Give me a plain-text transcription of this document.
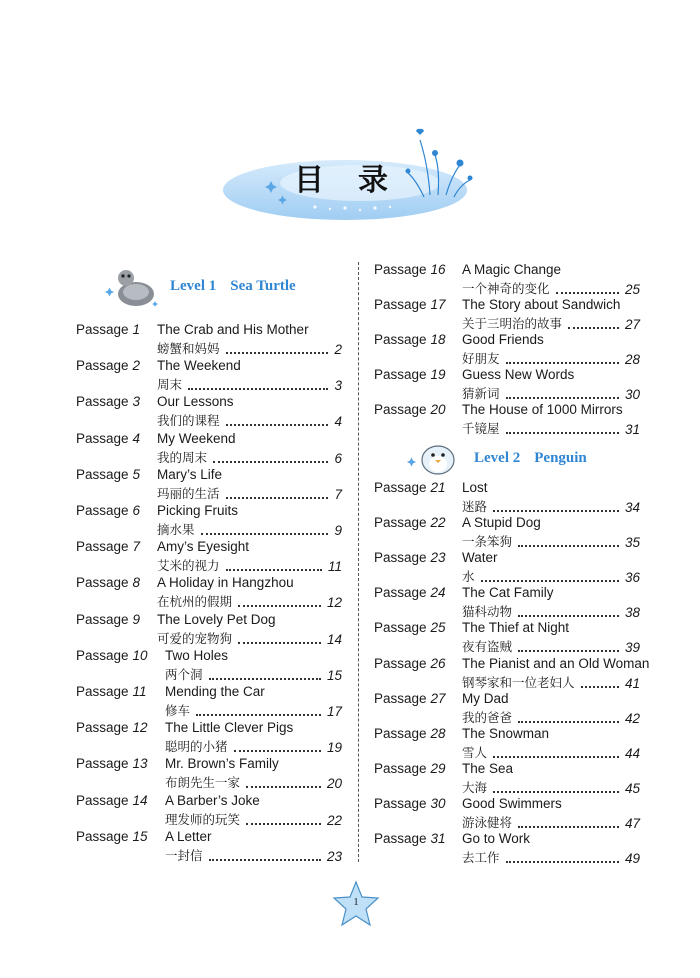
目 录
Level 1 Sea Turtle
Level 2 Penguin
Passage 1 The Crab and His Mother
螃蟹和妈妈	2
Passage 2 The Weekend
周末	3
Passage 3 Our Lessons
我们的课程	4
Passage 4 My Weekend
我的周末	6
Passage 5 Mary’s Life
玛丽的生活	7
Passage 6 Picking Fruits
摘水果	9
Passage 7 Amy’s Eyesight
艾米的视力	11
Passage 8 A Holiday in Hangzhou
在杭州的假期	12
Passage 9 The Lovely Pet Dog
可爱的宠物狗	14
Passage 10 Two Holes
两个洞	15
Passage 11 Mending the Car
修车	17
Passage 12 The Little Clever Pigs
聪明的小猪	19
Passage 13 Mr. Brown’s Family
布朗先生一家	20
Passage 14 A Barber’s Joke
理发师的玩笑	22
Passage 15 A Letter
一封信	23
Passage 16 A Magic Change
一个神奇的变化	25
Passage 17 The Story about Sandwich
关于三明治的故事	27
Passage 18 Good Friends
好朋友	28
Passage 19 Guess New Words
猜新词	30
Passage 20 The House of 1000 Mirrors
千镜屋	31
Passage 21 Lost
迷路	34
Passage 22 A Stupid Dog
一条笨狗	35
Passage 23 Water
水	36
Passage 24 The Cat Family
猫科动物	38
Passage 25 The Thief at Night
夜有盗贼	39
Passage 26 The Pianist and an Old Woman
钢琴家和一位老妇人	41
Passage 27 My Dad
我的爸爸	42
Passage 28 The Snowman
雪人	44
Passage 29 The Sea
大海	45
Passage 30 Good Swimmers
游泳健将	47
Passage 31 Go to Work
去工作	49
1
